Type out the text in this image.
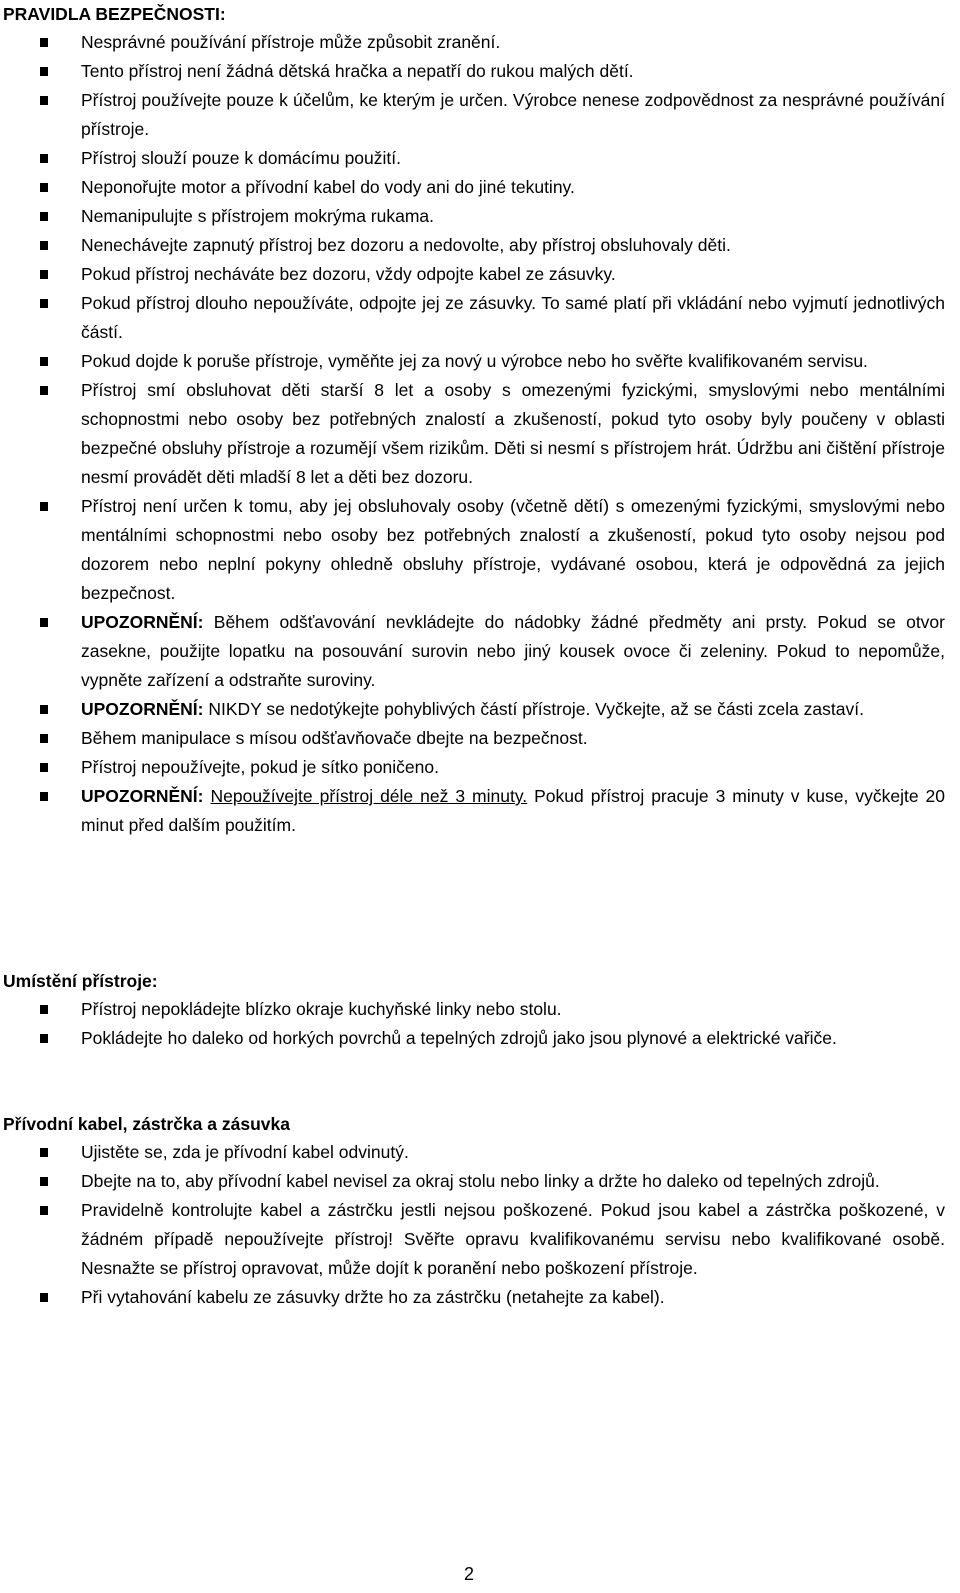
PRAVIDLA BEZPEČNOSTI:
Nesprávné používání přístroje může způsobit zranění.
Tento přístroj není žádná dětská hračka a nepatří do rukou malých dětí.
Přístroj používejte pouze k účelům, ke kterým je určen. Výrobce nenese zodpovědnost za nesprávné používání přístroje.
Přístroj slouží pouze k domácímu použití.
Neponořujte motor a přívodní kabel do vody ani do jiné tekutiny.
Nemanipulujte s přístrojem mokrýma rukama.
Nenechávejte zapnutý přístroj bez dozoru a nedovolte, aby přístroj obsluhovaly děti.
Pokud přístroj necháváte bez dozoru, vždy odpojte kabel ze zásuvky.
Pokud přístroj dlouho nepoužíváte, odpojte jej ze zásuvky. To samé platí při vkládání nebo vyjmutí jednotlivých částí.
Pokud dojde k poruše přístroje, vyměňte jej za nový u výrobce nebo ho svěřte kvalifikovaném servisu.
Přístroj smí obsluhovat děti starší 8 let a osoby s omezenými fyzickými, smyslovými nebo mentálními schopnostmi nebo osoby bez potřebných znalostí a zkušeností, pokud tyto osoby byly poučeny v oblasti bezpečné obsluhy přístroje a rozumějí všem rizikům. Děti si nesmí s přístrojem hrát. Údržbu ani čištění přístroje nesmí provádět děti mladší 8 let a děti bez dozoru.
Přístroj není určen k tomu, aby jej obsluhovaly osoby (včetně dětí) s omezenými fyzickými, smyslovými nebo mentálními schopnostmi nebo osoby bez potřebných znalostí a zkušeností, pokud tyto osoby nejsou pod dozorem nebo neplní pokyny ohledně obsluhy přístroje, vydávané osobou, která je odpovědná za jejich bezpečnost.
UPOZORNĚNÍ: Během odšťavování nevkládejte do nádobky žádné předměty ani prsty. Pokud se otvor zasekne, použijte lopatku na posouvání surovin nebo jiný kousek ovoce či zeleniny. Pokud to nepomůže, vypněte zařízení a odstraňte suroviny.
UPOZORNĚNÍ: NIKDY se nedotýkejte pohyblivých částí přístroje. Vyčkejte, až se části zcela zastaví.
Během manipulace s mísou odšťavňovače dbejte na bezpečnost.
Přístroj nepoužívejte, pokud je sítko poničeno.
UPOZORNĚNÍ: Nepoužívejte přístroj déle než 3 minuty. Pokud přístroj pracuje 3 minuty v kuse, vyčkejte 20 minut před dalším použitím.
Umístění přístroje:
Přístroj nepokládejte blízko okraje kuchyňské linky nebo stolu.
Pokládejte ho daleko od horkých povrchů a tepelných zdrojů jako jsou plynové a elektrické vařiče.
Přívodní kabel, zástrčka a zásuvka
Ujistěte se, zda je přívodní kabel odvinutý.
Dbejte na to, aby přívodní kabel nevisel za okraj stolu nebo linky a držte ho daleko od tepelných zdrojů.
Pravidelně kontrolujte kabel a zástrčku jestli nejsou poškozené. Pokud jsou kabel a zástrčka poškozené, v žádném případě nepoužívejte přístroj! Svěřte opravu kvalifikovanému servisu nebo kvalifikované osobě. Nesnažte se přístroj opravovat, může dojít k poranění nebo poškození přístroje.
Při vytahování kabelu ze zásuvky držte ho za zástrčku (netahejte za kabel).
2
